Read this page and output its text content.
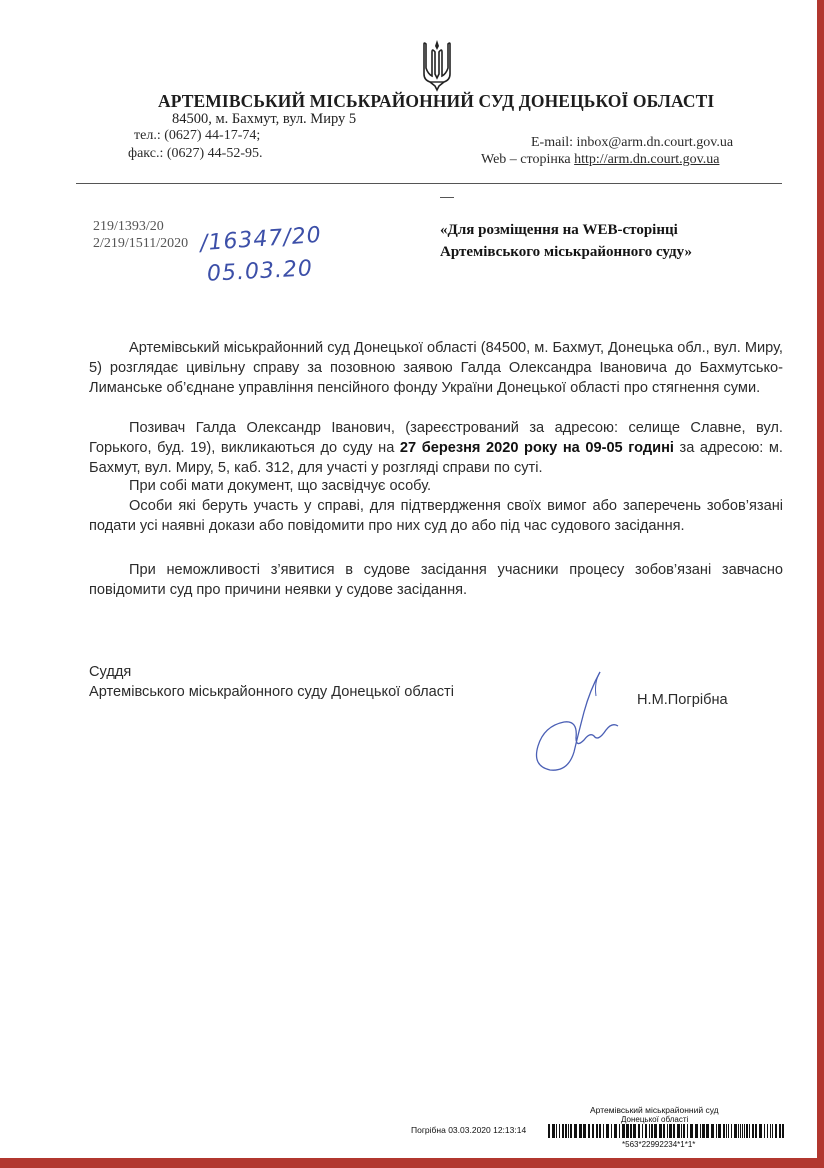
АРТЕМІВСЬКИЙ МІСЬКРАЙОННИЙ СУД ДОНЕЦЬКОЇ ОБЛАСТІ
84500, м. Бахмут, вул. Миру 5
тел.: (0627) 44-17-74;
факс.: (0627) 44-52-95.
E-mail: inbox@arm.dn.court.gov.ua
Web – сторінка http://arm.dn.court.gov.ua
219/1393/20
2/219/1511/2020 /16347/20
05.03.20
«Для розміщення на WEB-сторінці
Артемівського міськрайонного суду»

Артемівський міськрайонний суд Донецької області (84500, м. Бахмут, Донецька обл., вул. Миру, 5) розглядає цивільну справу за позовною заявою Галда Олександра Івановича до Бахмутсько-Лиманське об’єднане управління пенсійного фонду України Донецької області про стягнення суми.

Позивач Галда Олександр Іванович, (зареєстрований за адресою: селище Славне, вул. Горького, буд. 19), викликаються до суду на 27 березня 2020 року на 09-05 годині за адресою: м. Бахмут, вул. Миру, 5, каб. 312, для участі у розгляді справи по суті.

При собі мати документ, що засвідчує особу.

Особи які беруть участь у справі, для підтвердження своїх вимог або заперечень зобов’язані подати усі наявні докази або повідомити про них суд до або під час судового засідання.

При неможливості з’явитися в судове засідання учасники процесу зобов’язані завчасно повідомити суд про причини неявки у судове засідання.

Суддя
Артемівського міськрайонного суду Донецької області	Н.М.Погрібна
Артемівський міськрайонний суд
Донецької області
Погрібна 03.03.2020 12:13:14
*563*22992234*1*1*
